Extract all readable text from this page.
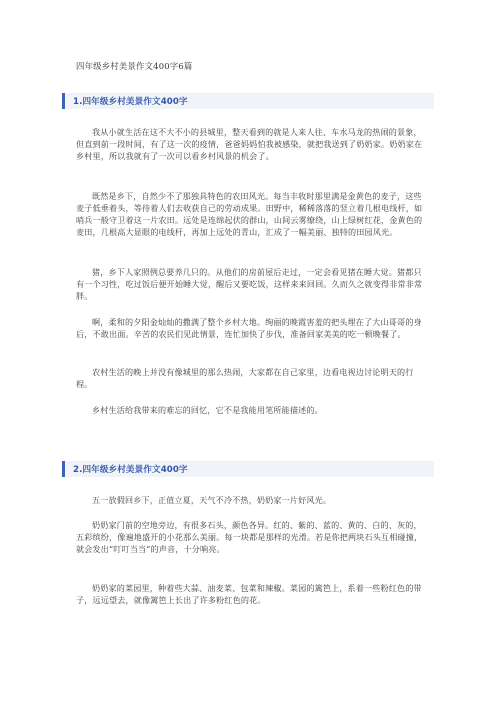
四年级乡村美景作文400字6篇
1.四年级乡村美景作文400字

我从小就生活在这不大不小的县城里，整天看到的就是人来人往、车水马龙的热闹的景象，但直到前一段时间，有了这一次的疫情，爸爸妈妈怕我被感染，就把我送到了奶奶家。奶奶家在乡村里，所以我就有了一次可以看乡村风景的机会了。

既然是乡下，自然少不了那独具特色的农田风光。每当丰收时那里满是金黄色的麦子，这些麦子低垂着头，等待着人们去收获自己的劳动成果。田野中，稀稀落落的竖立着几根电线杆，如哨兵一般守卫着这一片农田。远处是连绵起伏的群山，山间云雾缭绕，山上绿树红花，金黄色的麦田，几根高大显眼的电线杆，再加上远处的青山，汇成了一幅美丽、独特的田园风光。

猪，乡下人家照例总要养几只的。从他们的房前屋后走过，一定会看见猪在睡大觉。猪都只有一个习性，吃过饭后便开始睡大觉，醒后又要吃饭，这样来来回回。久而久之就变得非常非常胖。

啊，柔和的夕阳金灿灿的撒满了整个乡村大地。绚丽的晚霞害羞的把头埋在了大山哥哥的身后，不敢出面。辛苦的农民们见此情景，连忙加快了步伐，准备回家美美的吃一顿晚餐了。

农村生活的晚上并没有像城里的那么热闹，大家都在自己家里，边看电视边讨论明天的行程。

乡村生活给我带来的难忘的回忆，它不是我能用笔所能描述的。

2.四年级乡村美景作文400字

五一放假回乡下，正值立夏，天气不冷不热，奶奶家一片好风光。

奶奶家门前的空地旁边，有很多石头，颜色各异。红的、紫的、蓝的、黄的、白的、灰的，五彩缤纷，像遍地盛开的小花那么美丽。每一块都是那样的光滑。若是你把两块石头互相碰撞，就会发出“叮叮当当”的声音，十分响亮。

奶奶家的菜园里，种着些大蒜、油麦菜、包菜和辣椒。菜园的篱笆上，系着一些粉红色的带子，远远望去，就像篱笆上长出了许多粉红色的花。
